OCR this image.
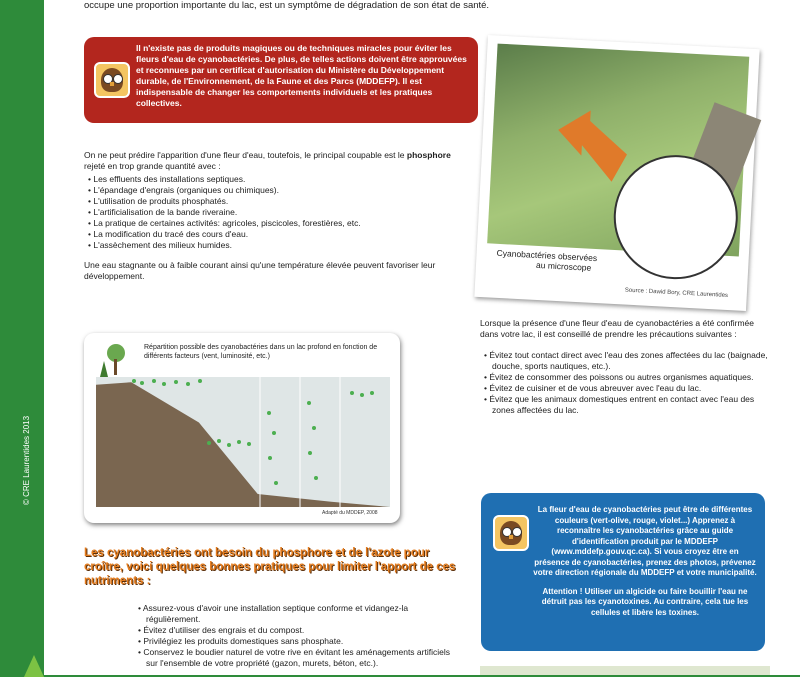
© CRE Laurentides 2013
occupe une proportion importante du lac, est un symptôme de dégradation de son état de santé.
Il n'existe pas de produits magiques ou de techniques miracles pour éviter les fleurs d'eau de cyanobactéries. De plus, de telles actions doivent être approuvées et reconnues par un certificat d'autorisation du Ministère du Développement durable, de l'Environnement, de la Faune et des Parcs (MDDEFP). Il est indispensable de changer les comportements individuels et les pratiques collectives.
On ne peut prédire l'apparition d'une fleur d'eau, toutefois, le principal coupable est le phosphore rejeté en trop grande quantité avec :
• Les effluents des installations septiques.
• L'épandage d'engrais (organiques ou chimiques).
• L'utilisation de produits phosphatés.
• L'artificialisation de la bande riveraine.
• La pratique de certaines activités: agricoles, piscicoles, forestières, etc.
• La modification du tracé des cours d'eau.
• L'assèchement des milieux humides.
Une eau stagnante ou à faible courant ainsi qu'une température élevée peuvent favoriser leur développement.
Cyanobactéries observées
au microscope
Source : Dawid Bory, CRE Laurentides
Répartition possible des cyanobactéries dans un lac profond en fonction de différents facteurs (vent, luminosité, etc.)
Adapté du MDDEP, 2008
Les cyanobactéries ont besoin du phosphore et de l'azote pour croître, voici quelques bonnes pratiques pour limiter l'apport de ces nutriments :
• Assurez-vous d'avoir une installation septique conforme et vidangez-la régulièrement.
• Évitez d'utiliser des engrais et du compost.
• Privilégiez les produits domestiques sans phosphate.
• Conservez le boudier naturel de votre rive en évitant les aménagements artificiels sur l'ensemble de votre propriété (gazon, murets, béton, etc.).
Lorsque la présence d'une fleur d'eau de cyanobactéries a été confirmée dans votre lac, il est conseillé de prendre les précautions suivantes :
• Évitez tout contact direct avec l'eau des zones affectées du lac (baignade, douche, sports nautiques, etc.).
• Évitez de consommer des poissons ou autres organismes aquatiques.
• Évitez de cuisiner et de vous abreuver avec l'eau du lac.
• Évitez que les animaux domestiques entrent en contact avec l'eau des zones affectées du lac.
La fleur d'eau de cyanobactéries peut être de différentes couleurs (vert-olive, rouge, violet...) Apprenez à reconnaître les cyanobactéries grâce au guide d'identification produit par le MDDEFP (www.mddefp.gouv.qc.ca). Si vous croyez être en présence de cyanobactéries, prenez des photos, prévenez votre direction régionale du MDDEFP et votre municipalité.
Attention ! Utiliser un algicide ou faire bouillir l'eau ne détruit pas les cyanotoxines. Au contraire, cela tue les cellules et libère les toxines.
